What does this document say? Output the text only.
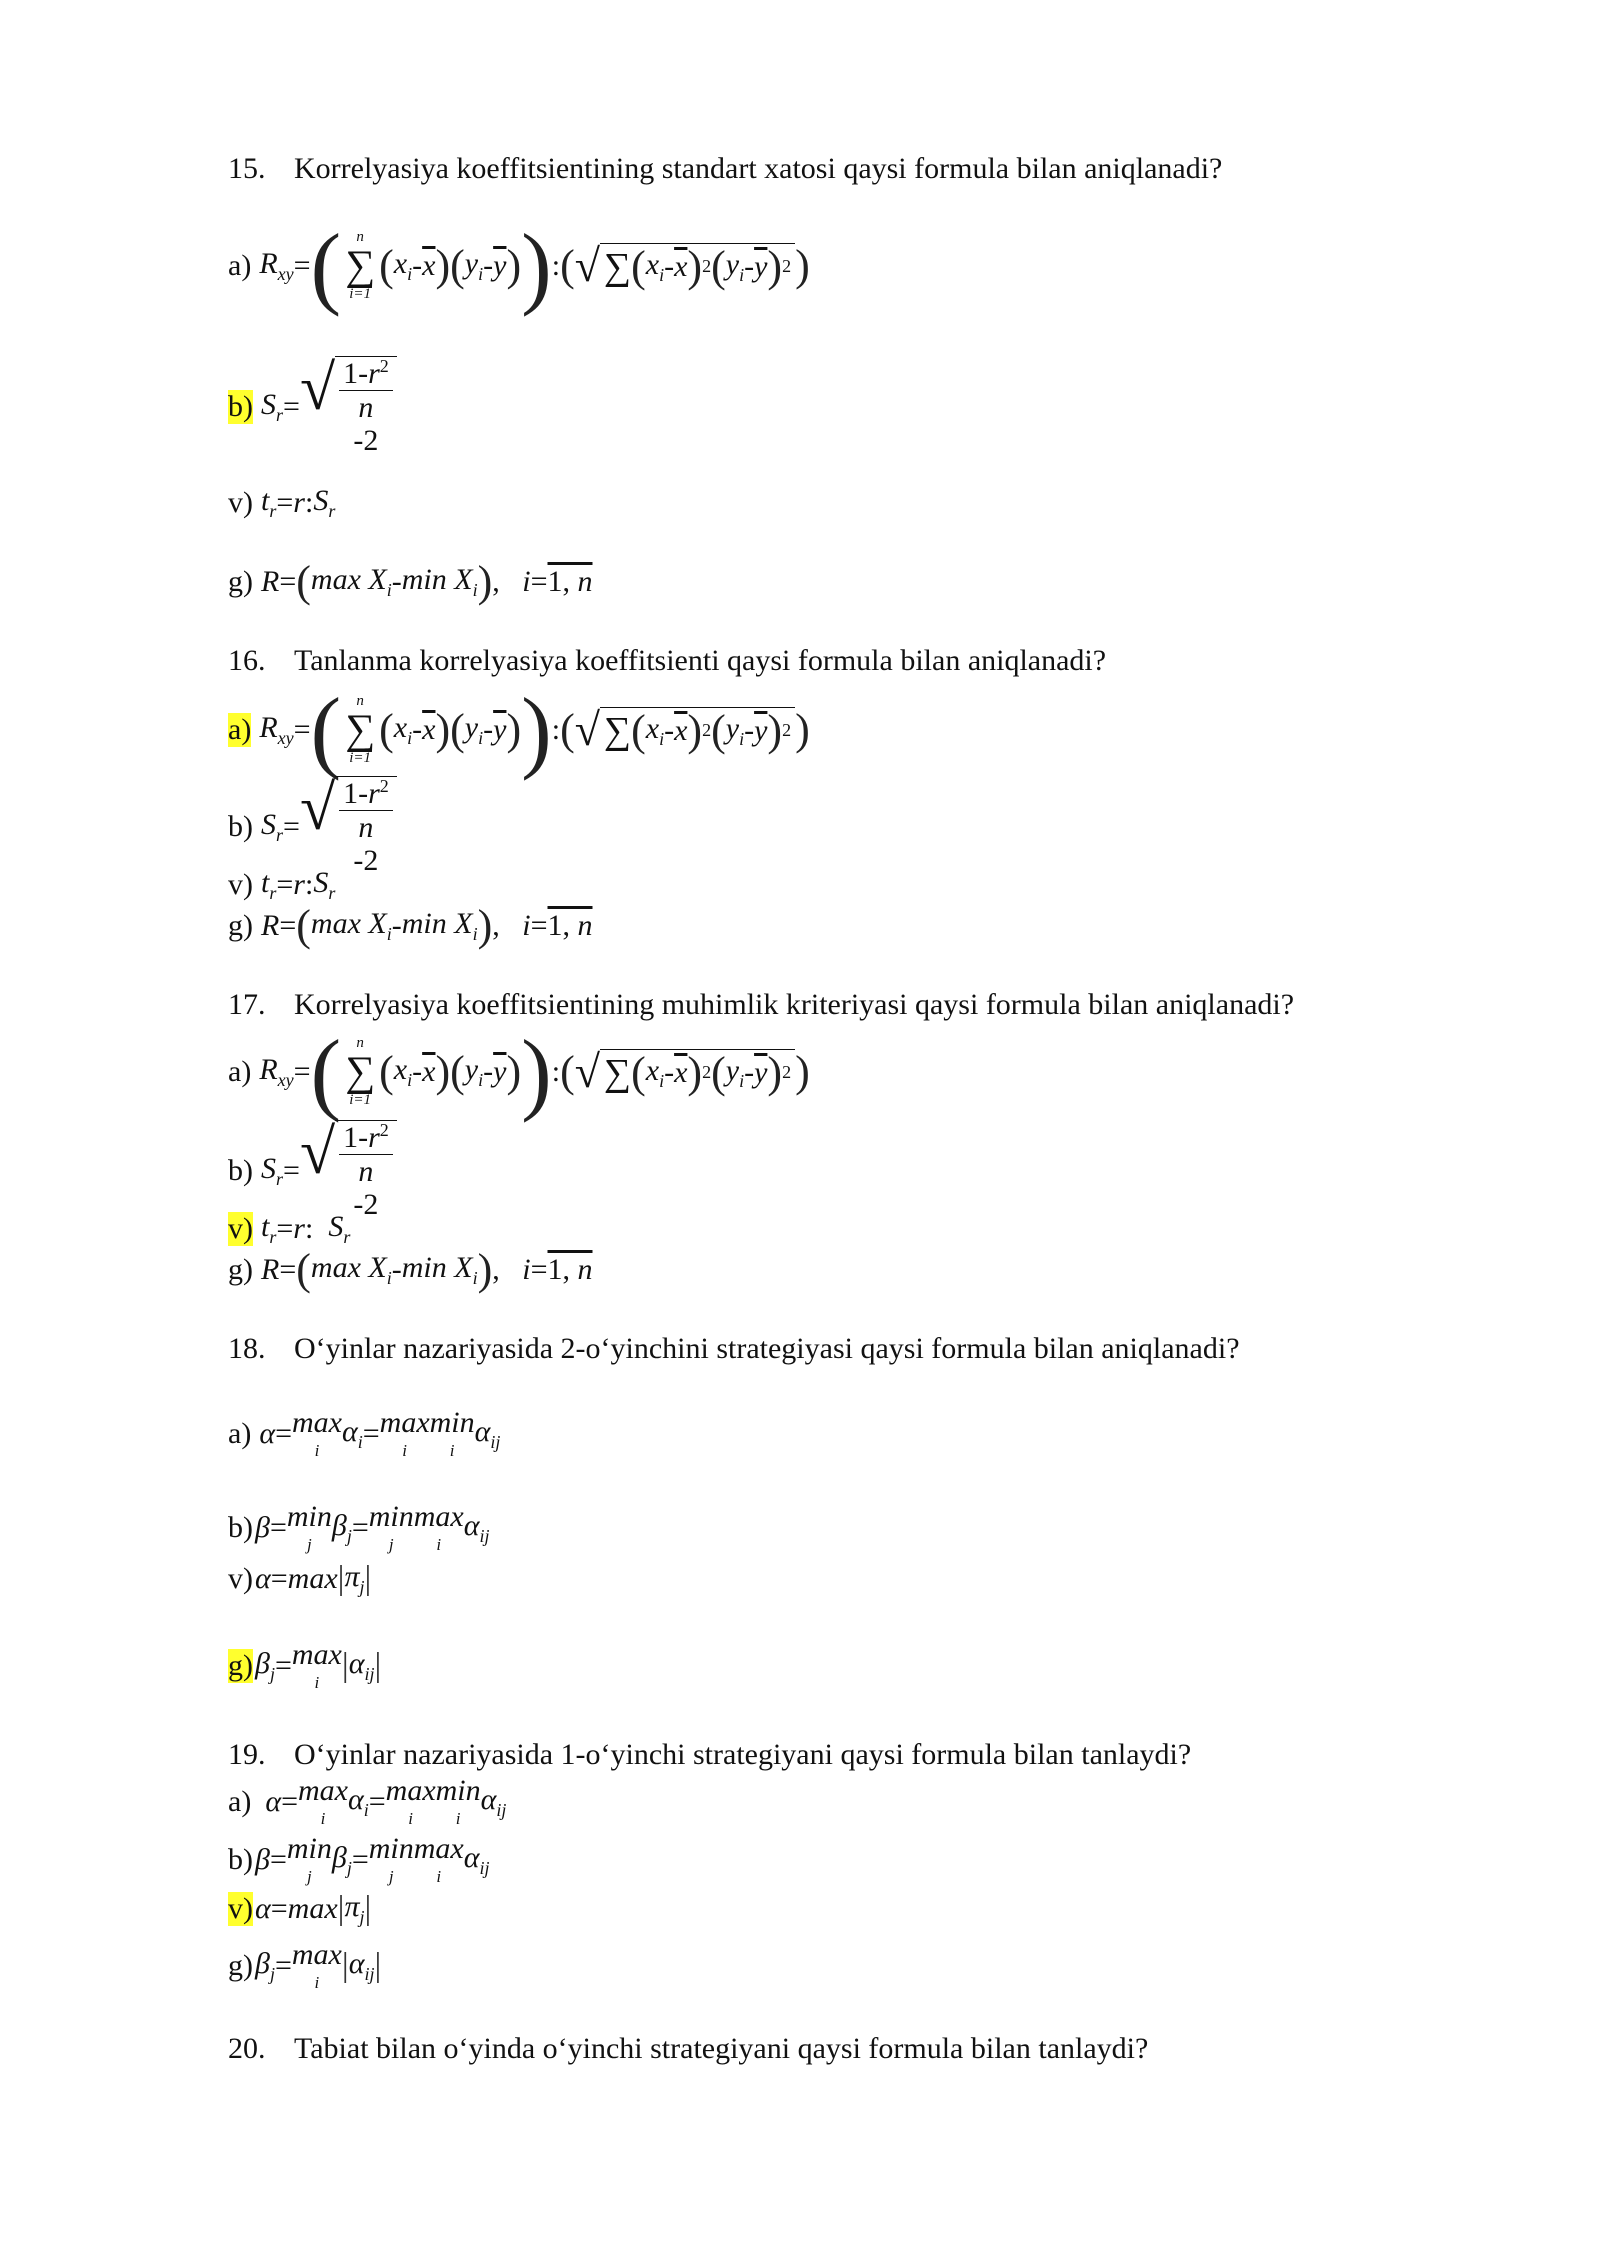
15. Korrelyasiya koeffitsientining standart xatosi qaysi formula bilan aniqlanadi?
a) $R_{xy}$ = ( n
∑
i=1
( $x_i - \overline{x}$ ) ( $y_i - \overline{y}$ ) ) : ( √ ∑ ( $x_i - \overline{x}$ ) 2 ( $y_i - \overline{y}$ ) 2 )
b) $S_r$ = √ $1-r^2$
n
-2
v) $t_r = r$ : $S_r$
g) R = ( $\max X_i$ - $\min X_i$ ) , i = 1, n
16. Tanlanma korrelyasiya koeffitsienti qaysi formula bilan aniqlanadi?
a) $R_{xy}$ = ( n
∑
i=1
( $x_i - \overline{x}$ ) ( $y_i - \overline{y}$ ) ) : ( √ ∑ ( $x_i - \overline{x}$ ) 2 ( $y_i - \overline{y}$ ) 2 )
b) $S_r$ = √ $1-r^2$
n
-2
v) $t_r = r$ : $S_r$
g) R = ( $\max X_i$ - $\min X_i$ ) , i = 1, n
17. Korrelyasiya koeffitsientining muhimlik kriteriyasi qaysi formula bilan aniqlanadi?
a) $R_{xy}$ = ( n
∑
i=1
( $x_i - \overline{x}$ ) ( $y_i - \overline{y}$ ) ) : ( √ ∑ ( $x_i - \overline{x}$ ) 2 ( $y_i - \overline{y}$ ) 2 )
b) $S_r$ = √ $1-r^2$
n
-2
v) $t_r = r$ : $S_r$
g) R = ( $\max X_i$ - $\min X_i$ ) , i = 1, n
18. O‘yinlar nazariyasida 2-o‘yinchini strategiyasi qaysi formula bilan aniqlanadi?
a) α = max
i
$\alpha_i = \max$
i
min
i
$\alpha_{ij}$
b) β = min
j
$\beta_j = \min$
j
max
i
$\alpha_{ij}$
v) α = max | $\pi_j$ |
g) $\beta_j = \max$
i | $\alpha_{ij}$ |
19. O‘yinlar nazariyasida 1-o‘yinchi strategiyani qaysi formula bilan tanlaydi?
a) α = max
i
$\alpha_i = \max$
i
min
i
$\alpha_{ij}$
b) β = min
j
$\beta_j = \min$
j
max
i
$\alpha_{ij}$
v) α = max | $\pi_j$ |
g) $\beta_j = \max$
i | $\alpha_{ij}$ |
20. Tabiat bilan o‘yinda o‘yinchi strategiyani qaysi formula bilan tanlaydi?
